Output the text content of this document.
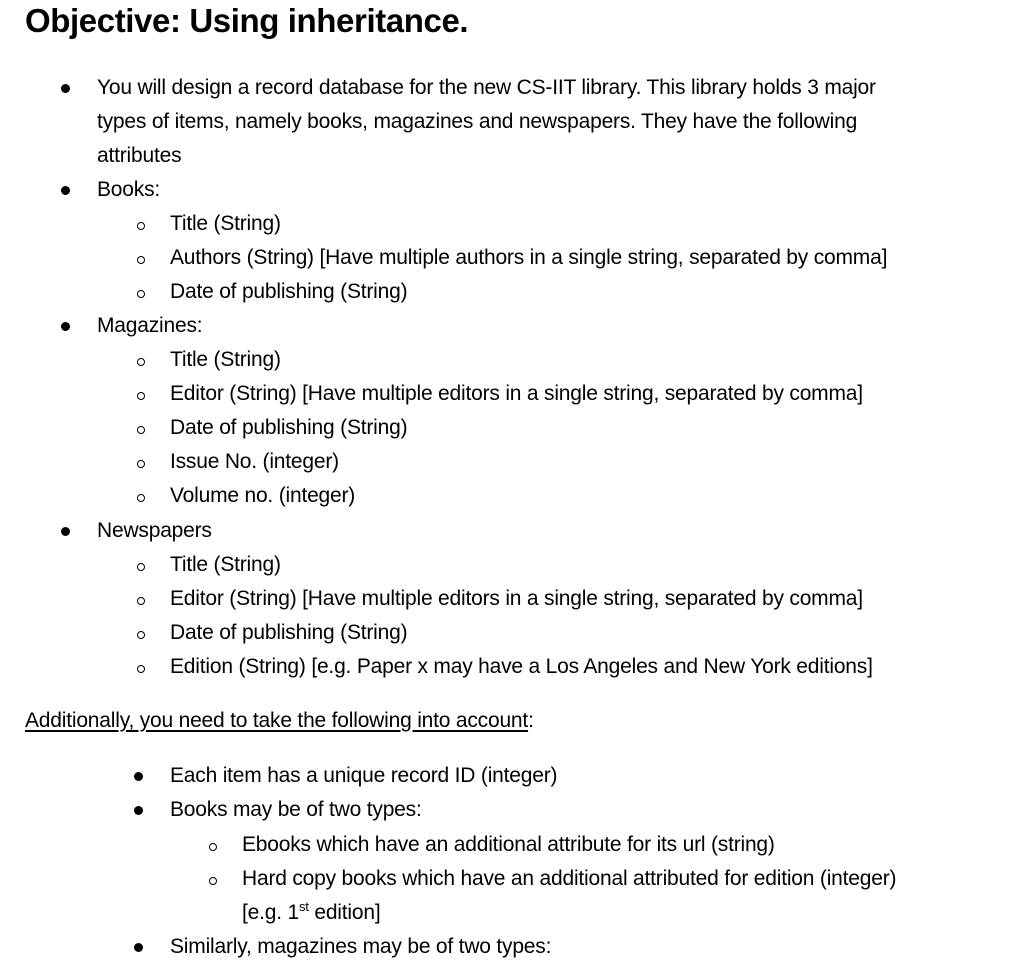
Objective: Using inheritance.
You will design a record database for the new CS-IIT library. This library holds 3 major
types of items, namely books, magazines and newspapers. They have the following
attributes
Books:
Title (String)
Authors (String) [Have multiple authors in a single string, separated by comma]
Date of publishing (String)
Magazines:
Title (String)
Editor (String) [Have multiple editors in a single string, separated by comma]
Date of publishing (String)
Issue No. (integer)
Volume no. (integer)
Newspapers
Title (String)
Editor (String) [Have multiple editors in a single string, separated by comma]
Date of publishing (String)
Edition (String) [e.g. Paper x may have a Los Angeles and New York editions]
Additionally, you need to take the following into account:
Each item has a unique record ID (integer)
Books may be of two types:
Ebooks which have an additional attribute for its url (string)
Hard copy books which have an additional attributed for edition (integer)
[e.g. 1st edition]
Similarly, magazines may be of two types:
